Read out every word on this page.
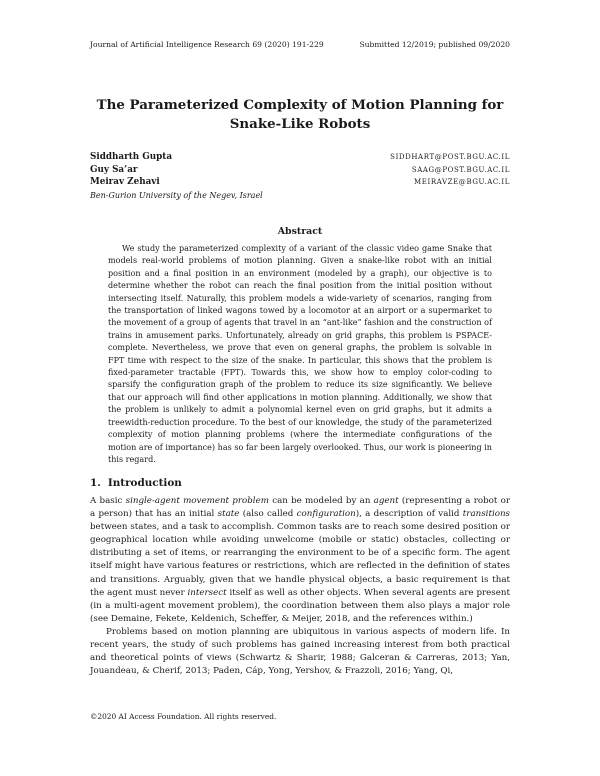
Journal of Artificial Intelligence Research 69 (2020) 191-229	Submitted 12/2019; published 09/2020
The Parameterized Complexity of Motion Planning for
Snake-Like Robots
Siddharth Gupta	SIDDHART@POST.BGU.AC.IL
Guy Sa’ar	SAAG@POST.BGU.AC.IL
Meirav Zehavi	MEIRAVZE@BGU.AC.IL
Ben-Gurion University of the Negev, Israel
Abstract

We study the parameterized complexity of a variant of the classic video game Snake that models real-world problems of motion planning. Given a snake-like robot with an initial position and a final position in an environment (modeled by a graph), our objective is to determine whether the robot can reach the final position from the initial position without intersecting itself. Naturally, this problem models a wide-variety of scenarios, ranging from the transportation of linked wagons towed by a locomotor at an airport or a supermarket to the movement of a group of agents that travel in an “ant-like” fashion and the construction of trains in amusement parks. Unfortunately, already on grid graphs, this problem is PSPACE-complete. Nevertheless, we prove that even on general graphs, the problem is solvable in FPT time with respect to the size of the snake. In particular, this shows that the problem is fixed-parameter tractable (FPT). Towards this, we show how to employ color-coding to sparsify the configuration graph of the problem to reduce its size significantly. We believe that our approach will find other applications in motion planning. Additionally, we show that the problem is unlikely to admit a polynomial kernel even on grid graphs, but it admits a treewidth-reduction procedure. To the best of our knowledge, the study of the parameterized complexity of motion planning problems (where the intermediate configurations of the motion are of importance) has so far been largely overlooked. Thus, our work is pioneering in this regard.

1. Introduction

A basic single-agent movement problem can be modeled by an agent (representing a robot or a person) that has an initial state (also called configuration), a description of valid transitions between states, and a task to accomplish. Common tasks are to reach some desired position or geographical location while avoiding unwelcome (mobile or static) obstacles, collecting or distributing a set of items, or rearranging the environment to be of a specific form. The agent itself might have various features or restrictions, which are reflected in the definition of states and transitions. Arguably, given that we handle physical objects, a basic requirement is that the agent must never intersect itself as well as other objects. When several agents are present (in a multi-agent movement problem), the coordination between them also plays a major role (see Demaine, Fekete, Keldenich, Scheffer, & Meijer, 2018, and the references within.)

Problems based on motion planning are ubiquitous in various aspects of modern life. In recent years, the study of such problems has gained increasing interest from both practical and theoretical points of views (Schwartz & Sharir, 1988; Galceran & Carreras, 2013; Yan, Jouandeau, & Cherif, 2013; Paden, Cáp, Yong, Yershov, & Frazzoli, 2016; Yang, Qi,

©2020 AI Access Foundation. All rights reserved.
